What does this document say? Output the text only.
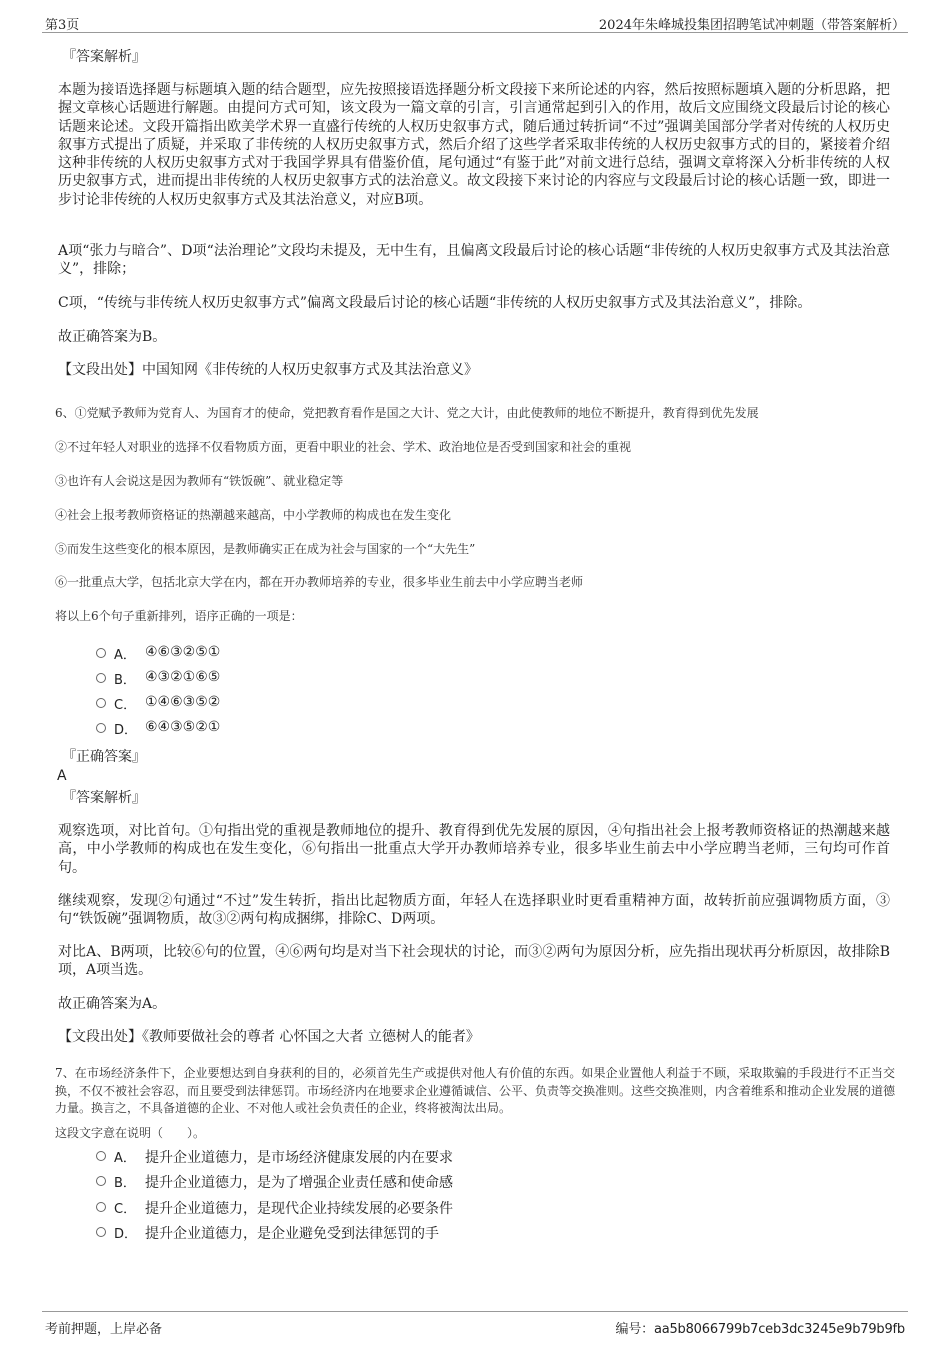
第3页	2024年朱峰城投集团招聘笔试冲刺题（带答案解析）
『答案解析』
本题为接语选择题与标题填入题的结合题型，应先按照接语选择题分析文段接下来所论述的内容，然后按照标题填入题的分析思路，把握文章核心话题进行解题。由提问方式可知，该文段为一篇文章的引言，引言通常起到引入的作用，故后文应围绕文段最后讨论的核心话题来论述。文段开篇指出欧美学术界一直盛行传统的人权历史叙事方式，随后通过转折词“不过”强调美国部分学者对传统的人权历史叙事方式提出了质疑，并采取了非传统的人权历史叙事方式，然后介绍了这些学者采取非传统的人权历史叙事方式的目的，紧接着介绍这种非传统的人权历史叙事方式对于我国学界具有借鉴价值，尾句通过“有鉴于此”对前文进行总结，强调文章将深入分析非传统的人权历史叙事方式，进而提出非传统的人权历史叙事方式的法治意义。故文段接下来讨论的内容应与文段最后讨论的核心话题一致，即进一步讨论非传统的人权历史叙事方式及其法治意义，对应B项。
A项“张力与暗合”、D项“法治理论”文段均未提及，无中生有，且偏离文段最后讨论的核心话题“非传统的人权历史叙事方式及其法治意义”，排除；
C项，“传统与非传统人权历史叙事方式”偏离文段最后讨论的核心话题“非传统的人权历史叙事方式及其法治意义”，排除。
故正确答案为B。
【文段出处】中国知网《非传统的人权历史叙事方式及其法治意义》
6、①党赋予教师为党育人、为国育才的使命，党把教育看作是国之大计、党之大计，由此使教师的地位不断提升，教育得到优先发展
②不过年轻人对职业的选择不仅看物质方面，更看中职业的社会、学术、政治地位是否受到国家和社会的重视
③也许有人会说这是因为教师有“铁饭碗”、就业稳定等
④社会上报考教师资格证的热潮越来越高，中小学教师的构成也在发生变化
⑤而发生这些变化的根本原因，是教师确实正在成为社会与国家的一个“大先生”
⑥一批重点大学，包括北京大学在内，都在开办教师培养的专业，很多毕业生前去中小学应聘当老师
将以上6个句子重新排列，语序正确的一项是：
A． ④⑥③②⑤①
B． ④③②①⑥⑤
C． ①④⑥③⑤②
D． ⑥④③⑤②①
『正确答案』
A
『答案解析』
观察选项，对比首句。①句指出党的重视是教师地位的提升、教育得到优先发展的原因，④句指出社会上报考教师资格证的热潮越来越高，中小学教师的构成也在发生变化，⑥句指出一批重点大学开办教师培养专业，很多毕业生前去中小学应聘当老师，三句均可作首句。
继续观察，发现②句通过“不过”发生转折，指出比起物质方面，年轻人在选择职业时更看重精神方面，故转折前应强调物质方面，③句“铁饭碗”强调物质，故③②两句构成捆绑，排除C、D两项。
对比A、B两项，比较⑥句的位置，④⑥两句均是对当下社会现状的讨论，而③②两句为原因分析，应先指出现状再分析原因，故排除B项，A项当选。
故正确答案为A。
【文段出处】《教师要做社会的尊者 心怀国之大者 立德树人的能者》
7、在市场经济条件下，企业要想达到自身获利的目的，必须首先生产或提供对他人有价值的东西。如果企业置他人利益于不顾，采取欺骗的手段进行不正当交换，不仅不被社会容忍，而且要受到法律惩罚。市场经济内在地要求企业遵循诚信、公平、负责等交换准则。这些交换准则，内含着维系和推动企业发展的道德力量。换言之，不具备道德的企业、不对他人或社会负责任的企业，终将被淘汰出局。
这段文字意在说明（　　）。
A． 提升企业道德力，是市场经济健康发展的内在要求
B． 提升企业道德力，是为了增强企业责任感和使命感
C． 提升企业道德力，是现代企业持续发展的必要条件
D． 提升企业道德力，是企业避免受到法律惩罚的手
考前押题，上岸必备	编号：aa5b8066799b7ceb3dc3245e9b79b9fb
